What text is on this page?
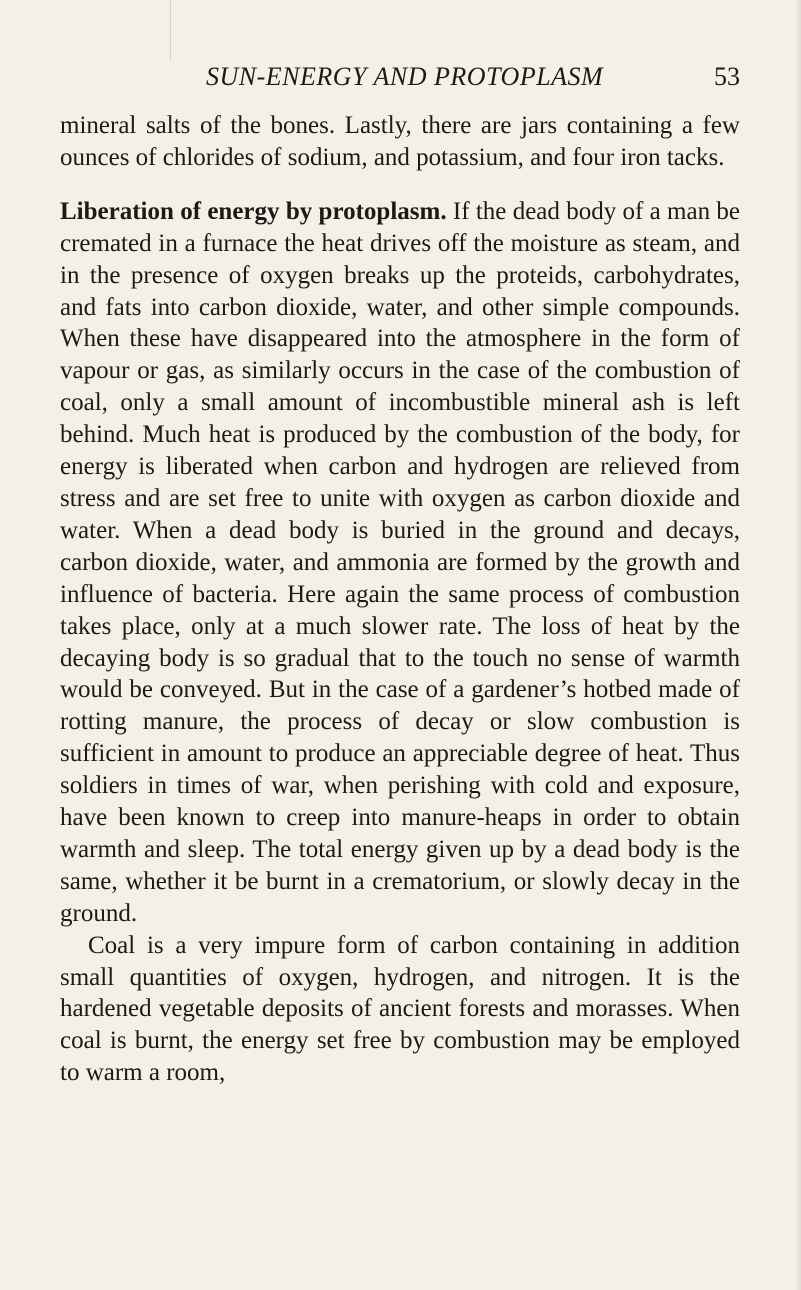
SUN-ENERGY AND PROTOPLASM	53

mineral salts of the bones. Lastly, there are jars containing a few ounces of chlorides of sodium, and potassium, and four iron tacks.

Liberation of energy by protoplasm. If the dead body of a man be cremated in a furnace the heat drives off the moisture as steam, and in the presence of oxygen breaks up the proteids, carbohydrates, and fats into carbon dioxide, water, and other simple compounds. When these have disappeared into the atmosphere in the form of vapour or gas, as similarly occurs in the case of the combustion of coal, only a small amount of incombustible mineral ash is left behind. Much heat is produced by the combustion of the body, for energy is liberated when carbon and hydrogen are relieved from stress and are set free to unite with oxygen as carbon dioxide and water. When a dead body is buried in the ground and decays, carbon dioxide, water, and ammonia are formed by the growth and influence of bacteria. Here again the same process of combustion takes place, only at a much slower rate. The loss of heat by the decaying body is so gradual that to the touch no sense of warmth would be conveyed. But in the case of a gardener’s hotbed made of rotting manure, the process of decay or slow combustion is sufficient in amount to produce an appreciable degree of heat. Thus soldiers in times of war, when perishing with cold and exposure, have been known to creep into manure-heaps in order to obtain warmth and sleep. The total energy given up by a dead body is the same, whether it be burnt in a crematorium, or slowly decay in the ground.

Coal is a very impure form of carbon containing in addition small quantities of oxygen, hydrogen, and nitrogen. It is the hardened vegetable deposits of ancient forests and morasses. When coal is burnt, the energy set free by combustion may be employed to warm a room,
